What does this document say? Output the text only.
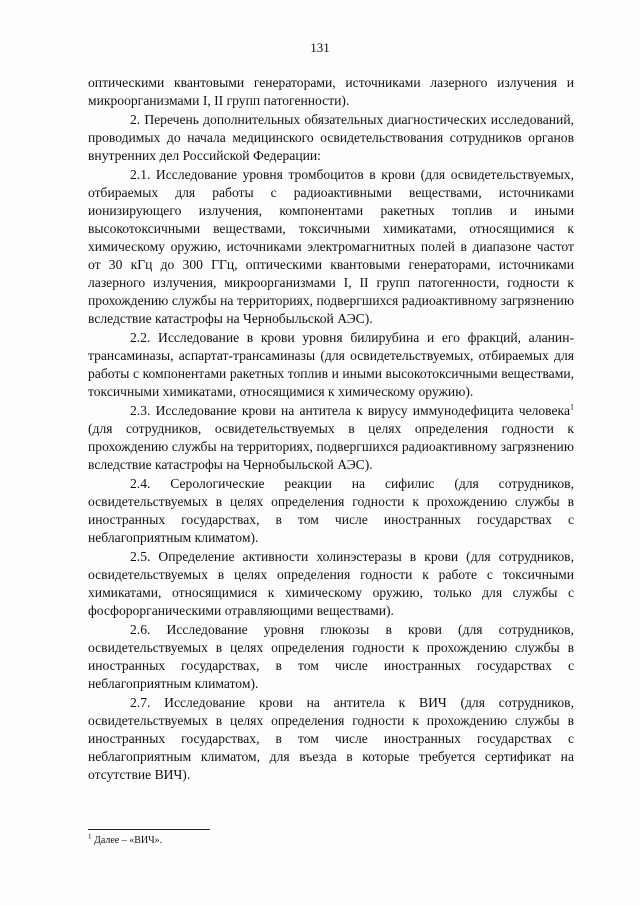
131

оптическими квантовыми генераторами, источниками лазерного излучения и микроорганизмами I, II групп патогенности).

2. Перечень дополнительных обязательных диагностических исследований, проводимых до начала медицинского освидетельствования сотрудников органов внутренних дел Российской Федерации:

2.1. Исследование уровня тромбоцитов в крови (для освидетельствуемых, отбираемых для работы с радиоактивными веществами, источниками ионизирующего излучения, компонентами ракетных топлив и иными высокотоксичными веществами, токсичными химикатами, относящимися к химическому оружию, источниками электромагнитных полей в диапазоне частот от 30 кГц до 300 ГГц, оптическими квантовыми генераторами, источниками лазерного излучения, микроорганизмами I, II групп патогенности, годности к прохождению службы на территориях, подвергшихся радиоактивному загрязнению вследствие катастрофы на Чернобыльской АЭС).

2.2. Исследование в крови уровня билирубина и его фракций, аланин-трансаминазы, аспартат-трансаминазы (для освидетельствуемых, отбираемых для работы с компонентами ракетных топлив и иными высокотоксичными веществами, токсичными химикатами, относящимися к химическому оружию).

2.3. Исследование крови на антитела к вирусу иммунодефицита человека$^1$ (для сотрудников, освидетельствуемых в целях определения годности к прохождению службы на территориях, подвергшихся радиоактивному загрязнению вследствие катастрофы на Чернобыльской АЭС).

2.4. Серологические реакции на сифилис (для сотрудников, освидетельствуемых в целях определения годности к прохождению службы в иностранных государствах, в том числе иностранных государствах с неблагоприятным климатом).

2.5. Определение активности холинэстеразы в крови (для сотрудников, освидетельствуемых в целях определения годности к работе с токсичными химикатами, относящимися к химическому оружию, только для службы с фосфорорганическими отравляющими веществами).

2.6. Исследование уровня глюкозы в крови (для сотрудников, освидетельствуемых в целях определения годности к прохождению службы в иностранных государствах, в том числе иностранных государствах с неблагоприятным климатом).

2.7. Исследование крови на антитела к ВИЧ (для сотрудников, освидетельствуемых в целях определения годности к прохождению службы в иностранных государствах, в том числе иностранных государствах с неблагоприятным климатом, для въезда в которые требуется сертификат на отсутствие ВИЧ).

$^1$ Далее – «ВИЧ».
